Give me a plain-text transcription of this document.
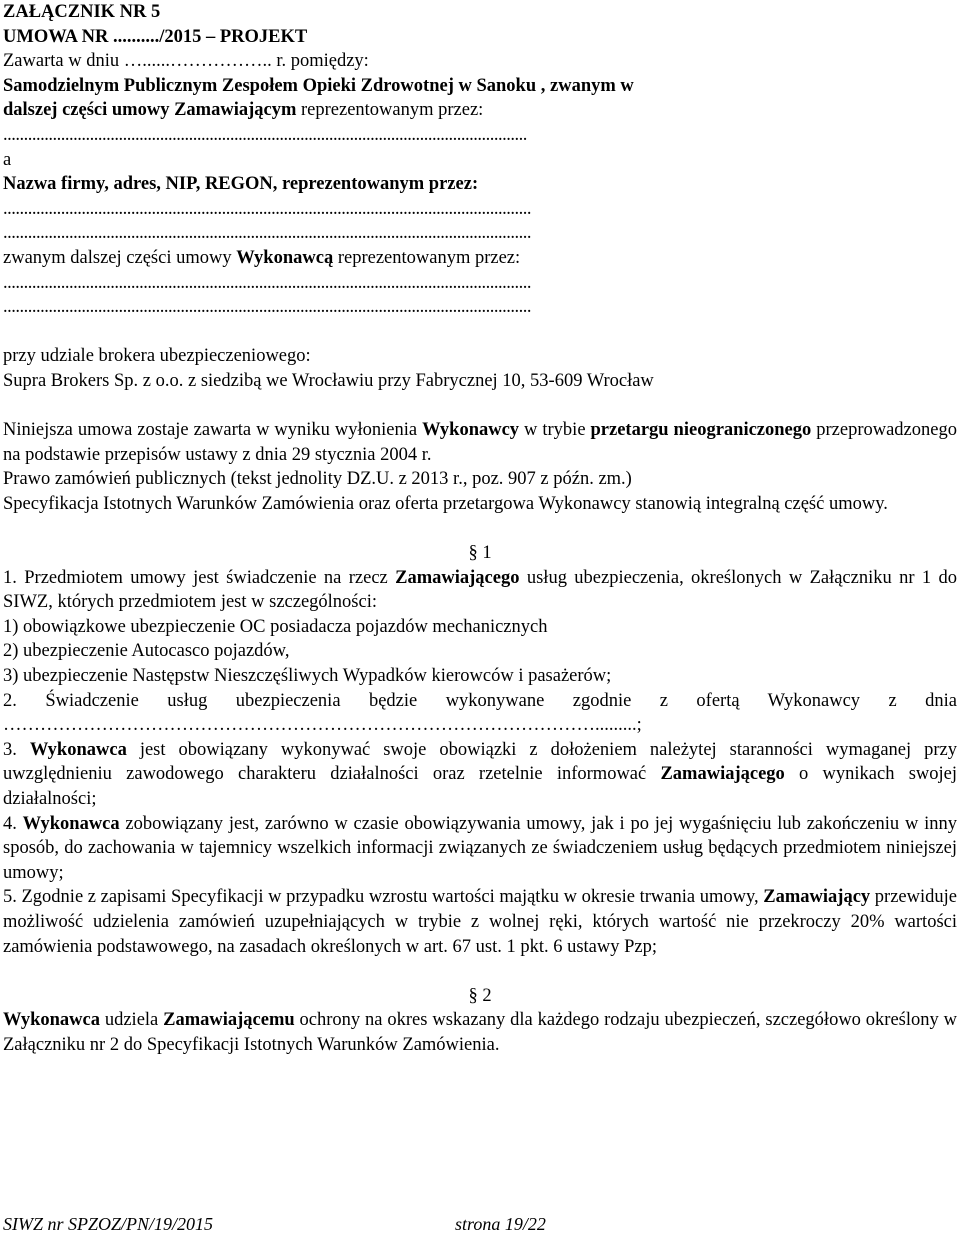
ZAŁĄCZNIK NR 5
UMOWA NR ........../2015 – PROJEKT
Zawarta w dniu …......…………….. r. pomiędzy:
Samodzielnym Publicznym Zespołem Opieki Zdrowotnej w Sanoku , zwanym w
dalszej części umowy Zamawiającym reprezentowanym przez:
...............................................................................................................................
a
Nazwa firmy, adres, NIP, REGON, reprezentowanym przez:
................................................................................................................................
................................................................................................................................
zwanym dalszej części umowy Wykonawcą reprezentowanym przez:
................................................................................................................................
................................................................................................................................
przy udziale brokera ubezpieczeniowego:
Supra Brokers Sp. z o.o. z siedzibą we Wrocławiu przy Fabrycznej 10, 53-609 Wrocław
Niniejsza umowa zostaje zawarta w wyniku wyłonienia Wykonawcy w trybie przetargu nieograniczonego przeprowadzonego na podstawie przepisów ustawy z dnia 29 stycznia 2004 r.
Prawo zamówień publicznych (tekst jednolity DZ.U. z 2013 r., poz. 907 z późn. zm.)
Specyfikacja Istotnych Warunków Zamówienia oraz oferta przetargowa Wykonawcy stanowią integralną część umowy.
§ 1
1. Przedmiotem umowy jest świadczenie na rzecz Zamawiającego usług ubezpieczenia, określonych w Załączniku nr 1 do SIWZ, których przedmiotem jest w szczególności:
1) obowiązkowe ubezpieczenie OC posiadacza pojazdów mechanicznych
2) ubezpieczenie Autocasco pojazdów,
3) ubezpieczenie Następstw Nieszczęśliwych Wypadków kierowców i pasażerów;
2. Świadczenie usług ubezpieczenia będzie wykonywane zgodnie z ofertą Wykonawcy z dnia
…………………………………………………………………………………….........;
3. Wykonawca jest obowiązany wykonywać swoje obowiązki z dołożeniem należytej staranności wymaganej przy uwzględnieniu zawodowego charakteru działalności oraz rzetelnie informować Zamawiającego o wynikach swojej działalności;
4. Wykonawca zobowiązany jest, zarówno w czasie obowiązywania umowy, jak i po jej wygaśnięciu lub zakończeniu w inny sposób, do zachowania w tajemnicy wszelkich informacji związanych ze świadczeniem usług będących przedmiotem niniejszej umowy;
5. Zgodnie z zapisami Specyfikacji w przypadku wzrostu wartości majątku w okresie trwania umowy, Zamawiający przewiduje możliwość udzielenia zamówień uzupełniających w trybie z wolnej ręki, których wartość nie przekroczy 20% wartości zamówienia podstawowego, na zasadach określonych w art. 67 ust. 1 pkt. 6 ustawy Pzp;
§ 2
Wykonawca udziela Zamawiającemu ochrony na okres wskazany dla każdego rodzaju ubezpieczeń, szczegółowo określony w Załączniku nr 2 do Specyfikacji Istotnych Warunków Zamówienia.
SIWZ nr SPZOZ/PN/19/2015	strona 19/22
